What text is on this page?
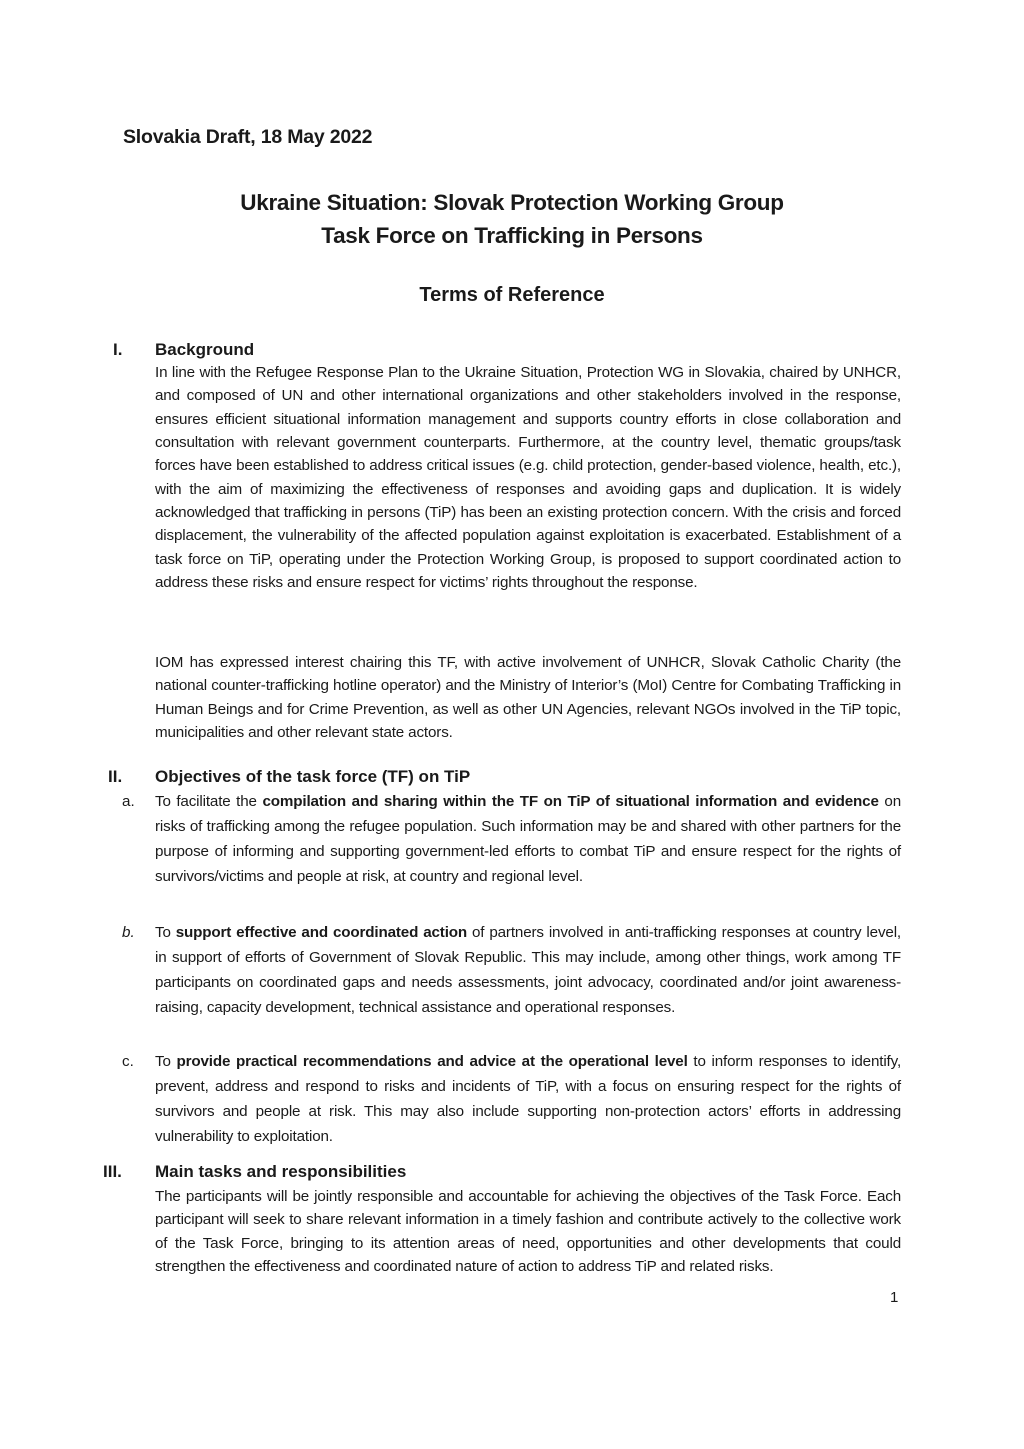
Slovakia Draft, 18 May 2022
Ukraine Situation: Slovak Protection Working Group
Task Force on Trafficking in Persons
Terms of Reference
I. Background
In line with the Refugee Response Plan to the Ukraine Situation, Protection WG in Slovakia, chaired by UNHCR, and composed of UN and other international organizations and other stakeholders involved in the response, ensures efficient situational information management and supports country efforts in close collaboration and consultation with relevant government counterparts. Furthermore, at the country level, thematic groups/task forces have been established to address critical issues (e.g. child protection, gender-based violence, health, etc.), with the aim of maximizing the effectiveness of responses and avoiding gaps and duplication. It is widely acknowledged that trafficking in persons (TiP) has been an existing protection concern. With the crisis and forced displacement, the vulnerability of the affected population against exploitation is exacerbated. Establishment of a task force on TiP, operating under the Protection Working Group, is proposed to support coordinated action to address these risks and ensure respect for victims’ rights throughout the response.
IOM has expressed interest chairing this TF, with active involvement of UNHCR, Slovak Catholic Charity (the national counter-trafficking hotline operator) and the Ministry of Interior’s (MoI) Centre for Combating Trafficking in Human Beings and for Crime Prevention, as well as other UN Agencies, relevant NGOs involved in the TiP topic, municipalities and other relevant state actors.
II. Objectives of the task force (TF) on TiP
a. To facilitate the compilation and sharing within the TF on TiP of situational information and evidence on risks of trafficking among the refugee population. Such information may be and shared with other partners for the purpose of informing and supporting government-led efforts to combat TiP and ensure respect for the rights of survivors/victims and people at risk, at country and regional level.
b. To support effective and coordinated action of partners involved in anti-trafficking responses at country level, in support of efforts of Government of Slovak Republic. This may include, among other things, work among TF participants on coordinated gaps and needs assessments, joint advocacy, coordinated and/or joint awareness-raising, capacity development, technical assistance and operational responses.
c. To provide practical recommendations and advice at the operational level to inform responses to identify, prevent, address and respond to risks and incidents of TiP, with a focus on ensuring respect for the rights of survivors and people at risk. This may also include supporting non-protection actors’ efforts in addressing vulnerability to exploitation.
III. Main tasks and responsibilities
The participants will be jointly responsible and accountable for achieving the objectives of the Task Force. Each participant will seek to share relevant information in a timely fashion and contribute actively to the collective work of the Task Force, bringing to its attention areas of need, opportunities and other developments that could strengthen the effectiveness and coordinated nature of action to address TiP and related risks.
1
